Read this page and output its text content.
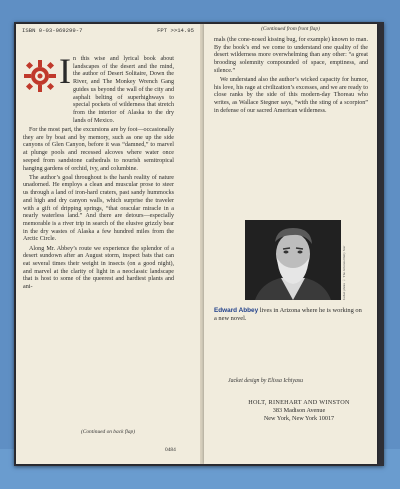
ISBN 0-03-069299-7	FPT >>14.95
I n this wise and lyrical book about landscapes of the desert and the mind, the author of Desert Solitaire, Down the River, and The Monkey Wrench Gang guides us beyond the wall of the city and asphalt belting of superhighways to special pockets of wilderness that stretch from the interior of Alaska to the dry lands of Mexico.

For the most part, the excursions are by foot—occasionally they are by boat and by memory, such as one up the side canyons of Glen Canyon, before it was “damned,” to marvel at plunge pools and recessed alcoves where water once seeped from sandstone cathedrals to nourish semitropical hanging gardens of orchid, ivy, and columbine.

The author’s goal throughout is the harsh reality of nature unadorned. He employs a clean and muscular prose to steer us through a land of iron-hard craters, past sandy hummocks and high and dry canyon walls, which surprise the traveler with a gift of dripping springs, “that oracular miracle in a nearly waterless land.” And there are detours—especially memorable is a river trip in search of the elusive grizzly bear in the dry wastes of Alaska a few hundred miles from the Arctic Circle.

Along Mr. Abbey’s route we experience the splendor of a desert sundown after an August storm, inspect bats that can eat several times their weight in insects (on a good night), and marvel at the clarity of light in a neoclassic landscape that is host to some of the queerest and hardiest plants and ani-

(Continued on back flap)
0484
(Continued from front flap)

mals (the cone-nosed kissing bug, for example) known to man. By the book’s end we come to understand one quality of the desert wilderness more overwhelming than any other: “a great brooding solemnity compounded of space, emptiness, and silence.”

We understand also the author’s wicked capacity for humor, his love, his rage at civilization’s excesses, and we are ready to close ranks by the side of this modern-day Thoreau who writes, as Wallace Stegner says, “with the sting of a scorpion” in defense of our sacred American wilderness.

Jacket photo © The Arizona Daily Star
Edward Abbey lives in Arizona where he is working on a new novel.
Jacket design by Elissa Ichiyasu
HOLT, RINEHART AND WINSTON
383 Madison Avenue
New York, New York 10017
